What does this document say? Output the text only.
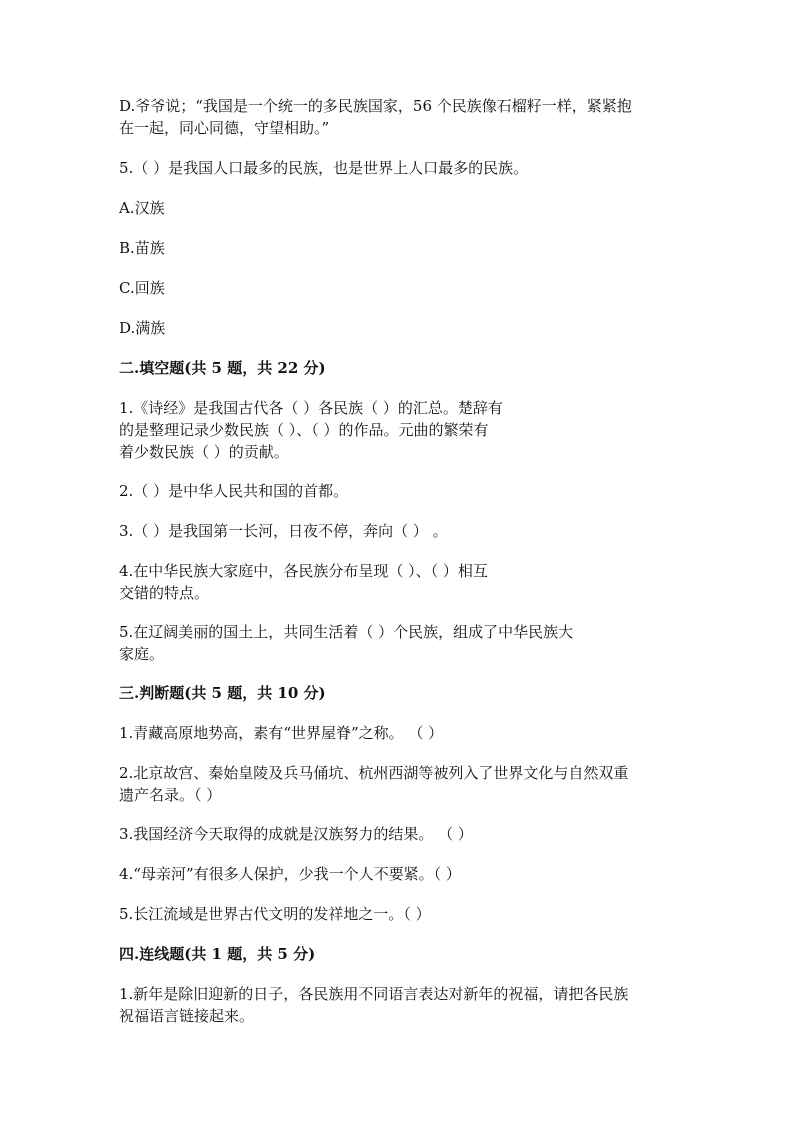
D.爷爷说；“我国是一个统一的多民族国家，56 个民族像石榴籽一样，紧紧抱

在一起，同心同德，守望相助。”

5.（ ）是我国人口最多的民族，也是世界上人口最多的民族。

A.汉族

B.苗族

C.回族

D.满族

二.填空题(共 5 题，共 22 分)

1.《诗经》是我国古代各（ ）各民族（ ）的汇总。楚辞有

的是整理记录少数民族（ ）、（ ）的作品。元曲的繁荣有

着少数民族（ ）的贡献。

2.（ ）是中华人民共和国的首都。

3.（ ）是我国第一长河，日夜不停，奔向（ ） 。

4.在中华民族大家庭中，各民族分布呈现（ ）、（ ）相互

交错的特点。

5.在辽阔美丽的国土上，共同生活着（ ）个民族，组成了中华民族大

家庭。

三.判断题(共 5 题，共 10 分)

1.青藏高原地势高，素有“世界屋脊”之称。 （ ）

2.北京故宫、秦始皇陵及兵马俑坑、杭州西湖等被列入了世界文化与自然双重

遗产名录。（ ）

3.我国经济今天取得的成就是汉族努力的结果。 （ ）

4.“母亲河”有很多人保护，少我一个人不要紧。（ ）

5.长江流域是世界古代文明的发祥地之一。（ ）

四.连线题(共 1 题，共 5 分)

1.新年是除旧迎新的日子，各民族用不同语言表达对新年的祝福，请把各民族

祝福语言链接起来。
